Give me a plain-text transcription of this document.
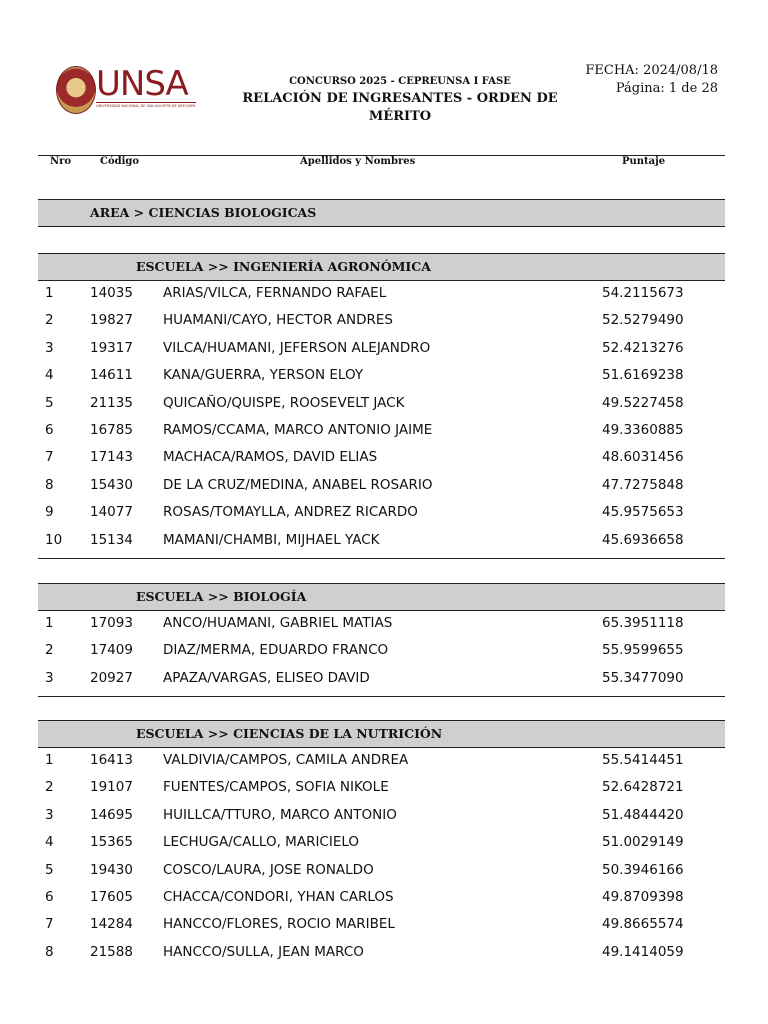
UNSA
UNIVERSIDAD NACIONAL DE SAN AGUSTIN DE AREQUIPA
CONCURSO 2025 - CEPREUNSA I FASE
RELACIÓN DE INGRESANTES - ORDEN DE MÉRITO
FECHA: 2024/08/18
Página: 1 de 28
Nro	Código	Apellidos y Nombres	Puntaje
AREA > CIENCIAS BIOLOGICAS
ESCUELA >> INGENIERÍA AGRONÓMICA
1	14035 ARIAS/VILCA, FERNANDO RAFAEL	54.2115673
2	19827 HUAMANI/CAYO, HECTOR ANDRES	52.5279490
3	19317 VILCA/HUAMANI, JEFERSON ALEJANDRO	52.4213276
4	14611 KANA/GUERRA, YERSON ELOY	51.6169238
5	21135 QUICAÑO/QUISPE, ROOSEVELT JACK	49.5227458
6	16785 RAMOS/CCAMA, MARCO ANTONIO JAIME	49.3360885
7	17143 MACHACA/RAMOS, DAVID ELIAS	48.6031456
8	15430 DE LA CRUZ/MEDINA, ANABEL ROSARIO	47.7275848
9	14077 ROSAS/TOMAYLLA, ANDREZ RICARDO	45.9575653
10 15134 MAMANI/CHAMBI, MIJHAEL YACK	45.6936658
ESCUELA >> BIOLOGÍA
1	17093 ANCO/HUAMANI, GABRIEL MATIAS	65.3951118
2	17409 DIAZ/MERMA, EDUARDO FRANCO	55.9599655
3	20927 APAZA/VARGAS, ELISEO DAVID	55.3477090
ESCUELA >> CIENCIAS DE LA NUTRICIÓN
1	16413 VALDIVIA/CAMPOS, CAMILA ANDREA	55.5414451
2	19107 FUENTES/CAMPOS, SOFIA NIKOLE	52.6428721
3	14695 HUILLCA/TTURO, MARCO ANTONIO	51.4844420
4	15365 LECHUGA/CALLO, MARICIELO	51.0029149
5	19430 COSCO/LAURA, JOSE RONALDO	50.3946166
6	17605 CHACCA/CONDORI, YHAN CARLOS	49.8709398
7	14284 HANCCO/FLORES, ROCIO MARIBEL	49.8665574
8	21588 HANCCO/SULLA, JEAN MARCO	49.1414059
